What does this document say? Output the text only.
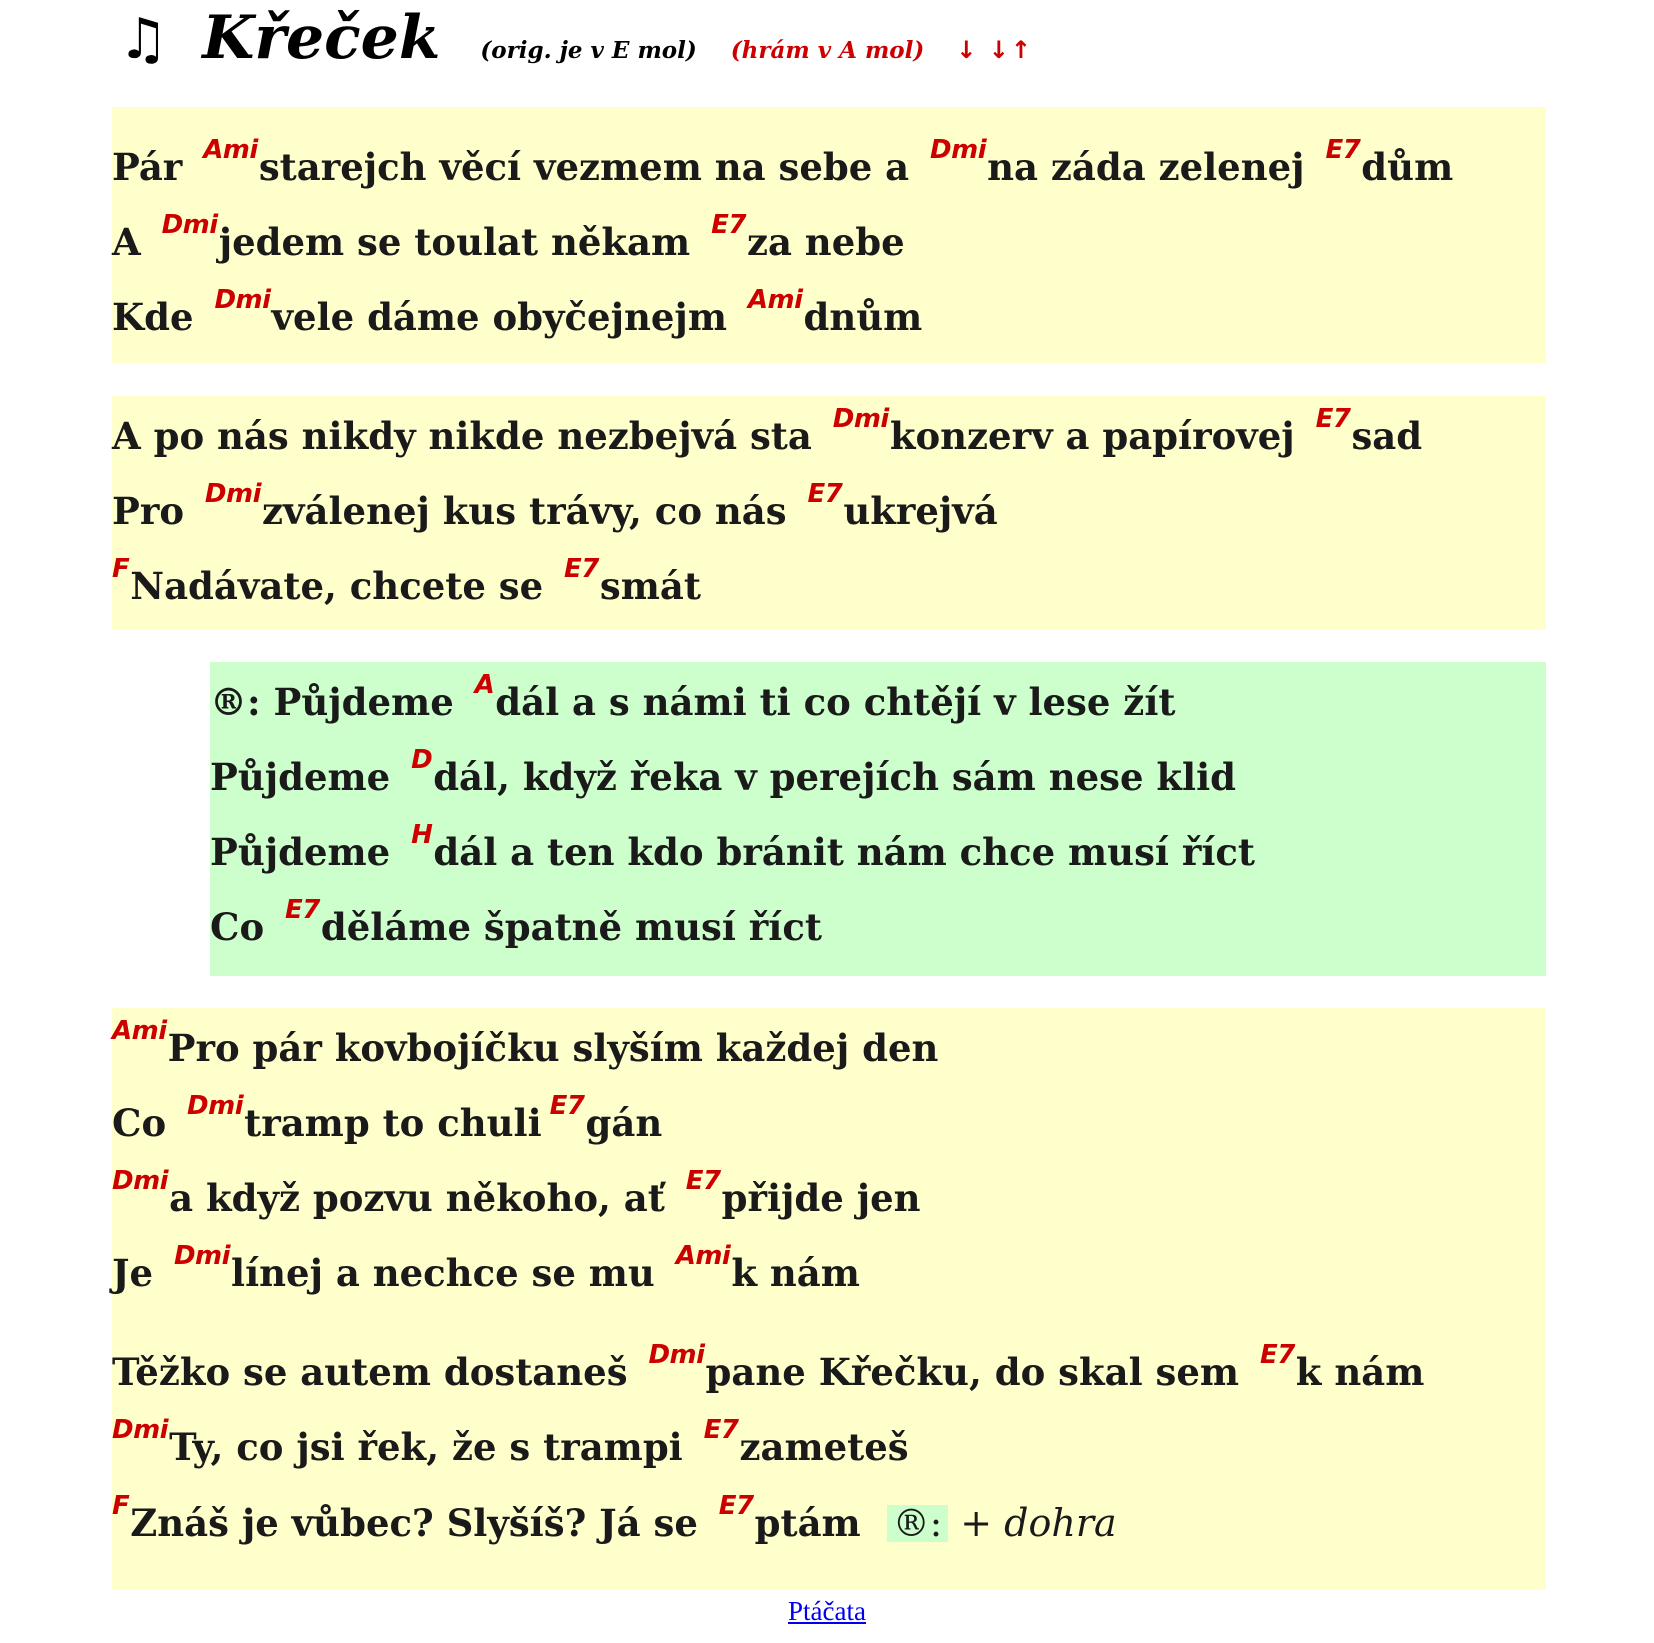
♫ Křeček (orig. je v E mol) (hrám v A mol) ↓ ↓↑
Pár $^{Ami}$starejch věcí vezmem na sebe a $^{Dmi}$na záda zelenej $^{E7}$dům
A $^{Dmi}$jedem se toulat někam $^{E7}$za nebe
Kde $^{Dmi}$vele dáme obyčejnejm $^{Ami}$dnům
A po nás nikdy nikde nezbejvá sta $^{Dmi}$konzerv a papírovej $^{E7}$sad
Pro $^{Dmi}$zválenej kus trávy, co nás $^{E7}$ukrejvá
$^F$Nadávate, chcete se $^{E7}$smát
®: Půjdeme $^A$dál a s námi ti co chtějí v lese žít
Půjdeme $^D$dál, když řeka v perejích sám nese klid
Půjdeme $^H$dál a ten kdo bránit nám chce musí říct
Co $^{E7}$děláme špatně musí říct
$^{Ami}$Pro pár kovbojíčku slyším každej den
Co $^{Dmi}$tramp to chuli $^{E7}$gán
$^{Dmi}$a když pozvu někoho, ať $^{E7}$přijde jen
Je $^{Dmi}$línej a nechce se mu $^{Ami}$k nám
Těžko se autem dostaneš $^{Dmi}$pane Křečku, do skal sem $^{E7}$k nám
$^{Dmi}$Ty, co jsi řek, že s trampi $^{E7}$zameteš
$^F$Znáš je vůbec? Slyšíš? Já se $^{E7}$ptám ®: + dohra
Ptáčata
